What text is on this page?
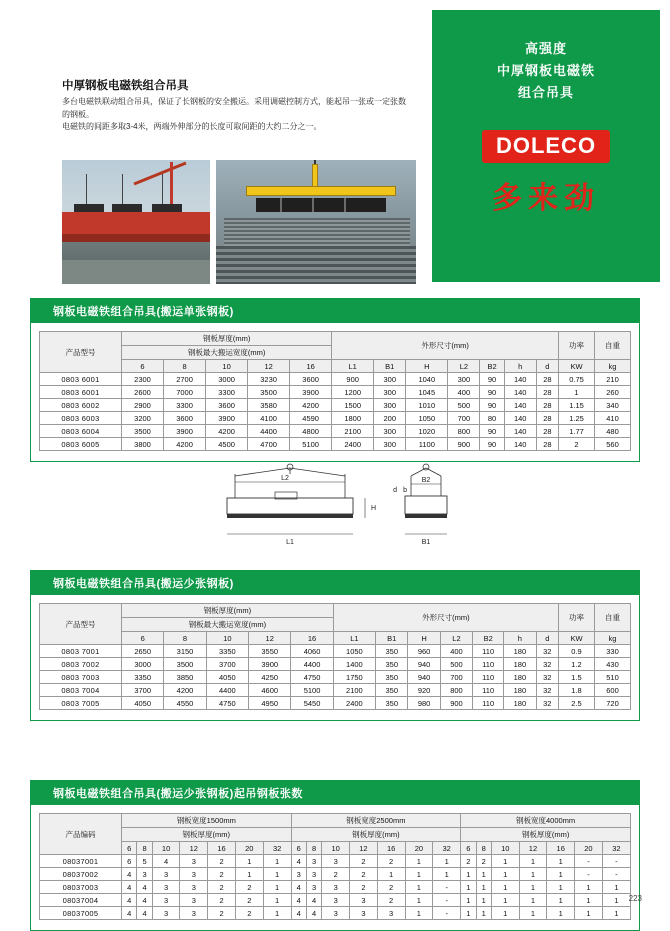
高强度
中厚钢板电磁铁
组合吊具
DOLECO
多来劲
中厚钢板电磁铁组合吊具
多台电磁铁联动组合吊具，保证了长钢板的安全搬运。采用调磁控制方式，能起吊一张或一定张数的钢板。
电磁铁的间距多取3-4米，两端外伸部分的长度可取间距的大约二分之一。
钢板电磁铁组合吊具(搬运单张钢板)
产品型号	钢板厚度(mm)					外形尺寸(mm)							功率	自重
	钢板最大搬运宽度(mm)													
	6	8	10	12	16	L1	B1	H	L2	B2	h	d	KW	kg
0803 6001	2300	2700	3000	3230	3600	900	300	1040	300	90	140	28	0.75	210
0803 6001	2600	7000	3300	3500	3900	1200	300	1045	400	90	140	28	1	260
0803 6002	2900	3300	3600	3580	4200	1500	300	1010	500	90	140	28	1.15	340
0803 6003	3200	3600	3900	4100	4590	1800	200	1050	700	80	140	28	1.25	410
0803 6004	3500	3900	4200	4400	4800	2100	300	1020	800	90	140	28	1.77	480
0803 6005	3800	4200	4500	4700	5100	2400	300	1100	900	90	140	28	2	560
L2
H
L1
B2
d b
B1
钢板电磁铁组合吊具(搬运少张钢板)
产品型号	钢板厚度(mm)					外形尺寸(mm)							功率	自重
	钢板最大搬运宽度(mm)													
	6	8	10	12	16	L1	B1	H	L2	B2	h	d	KW	kg
0803 7001	2650	3150	3350	3550	4060	1050	350	960	400	110	180	32	0.9	330
0803 7002	3000	3500	3700	3900	4400	1400	350	940	500	110	180	32	1.2	430
0803 7003	3350	3850	4050	4250	4750	1750	350	940	700	110	180	32	1.5	510
0803 7004	3700	4200	4400	4600	5100	2100	350	920	800	110	180	32	1.8	600
0803 7005	4050	4550	4750	4950	5450	2400	350	980	900	110	180	32	2.5	720
钢板电磁铁组合吊具(搬运少张钢板)起吊钢板张数
产品编码	钢板宽度1500mm							钢板宽度2500mm							钢板宽度4000mm						
	钢板厚度(mm)							钢板厚度(mm)							钢板厚度(mm)						
	6	8	10	12	16	20	32	6	8	10	12	16	20	32	6	8	10	12	16	20	32
08037001	6	5	4	3	2	1	1	4	3	3	2	2	1	1	2	2	1	1	1	-	-
08037002	4	3	3	3	2	1	1	3	3	2	2	1	1	1	1	1	1	1	1	-	-
08037003	4	4	3	3	2	2	1	4	3	3	2	2	1	-	1	1	1	1	1	1	1
08037004	4	4	3	3	2	2	1	4	4	3	3	2	1	-	1	1	1	1	1	1	1
08037005	4	4	3	3	2	2	1	4	4	3	3	3	1	-	1	1	1	1	1	1	1
223
